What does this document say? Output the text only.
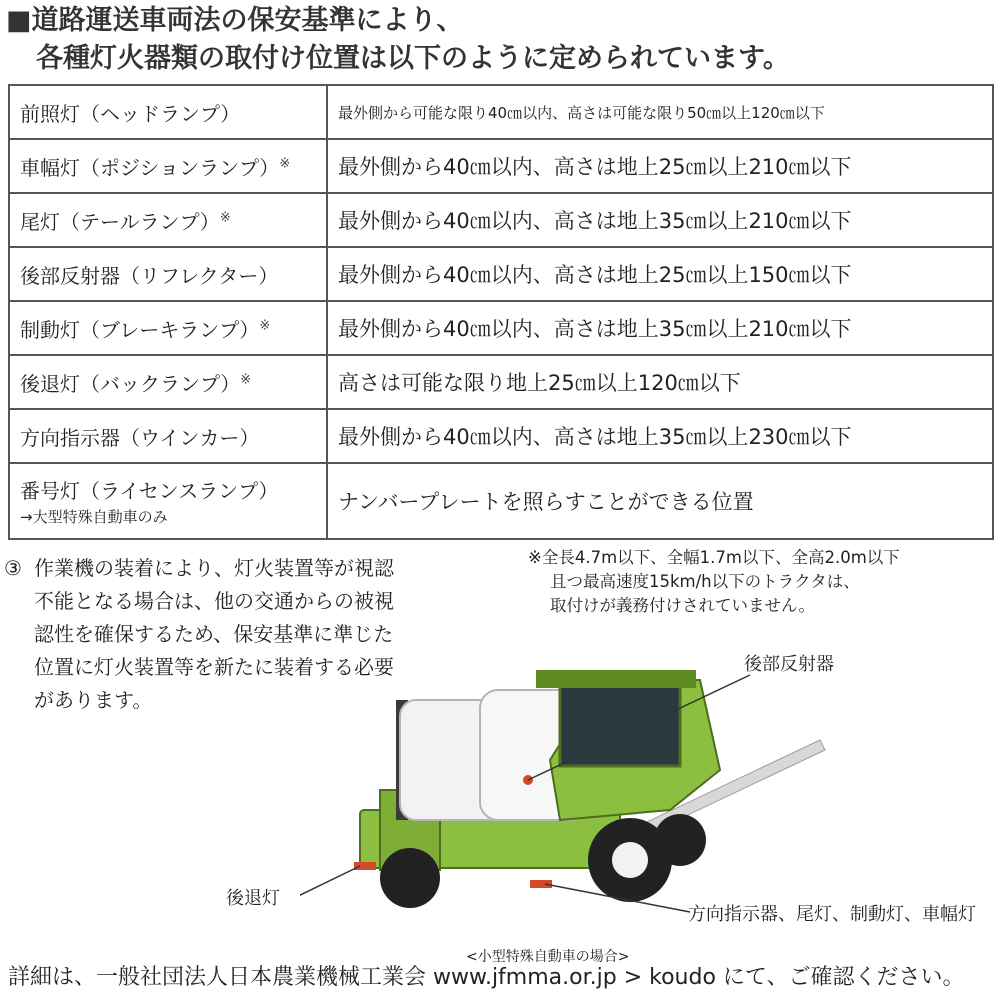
■道路運送車両法の保安基準により、
各種灯火器類の取付け位置は以下のように定められています。
前照灯（ヘッドランプ）	最外側から可能な限り40㎝以内、高さは可能な限り50㎝以上120㎝以下
車幅灯（ポジションランプ）※	最外側から40㎝以内、高さは地上25㎝以上210㎝以下
尾灯（テールランプ）※	最外側から40㎝以内、高さは地上35㎝以上210㎝以下
後部反射器（リフレクター）	最外側から40㎝以内、高さは地上25㎝以上150㎝以下
制動灯（ブレーキランプ）※	最外側から40㎝以内、高さは地上35㎝以上210㎝以下
後退灯（バックランプ）※	高さは可能な限り地上25㎝以上120㎝以下
方向指示器（ウインカー）	最外側から40㎝以内、高さは地上35㎝以上230㎝以下
番号灯（ライセンスランプ）
→大型特殊自動車のみ	ナンバープレートを照らすことができる位置
③ 作業機の装着により、灯火装置等が視認不能となる場合は、他の交通からの被視認性を確保するため、保安基準に準じた位置に灯火装置等を新たに装着する必要があります。
※全長4.7m以下、全幅1.7m以下、全高2.0m以下
且つ最高速度15km/h以下のトラクタは、
取付けが義務付けされていません。
後部反射器
後退灯
方向指示器、尾灯、制動灯、車幅灯
<小型特殊自動車の場合>
詳細は、一般社団法人日本農業機械工業会 www.jfmma.or.jp > koudo にて、ご確認ください。
